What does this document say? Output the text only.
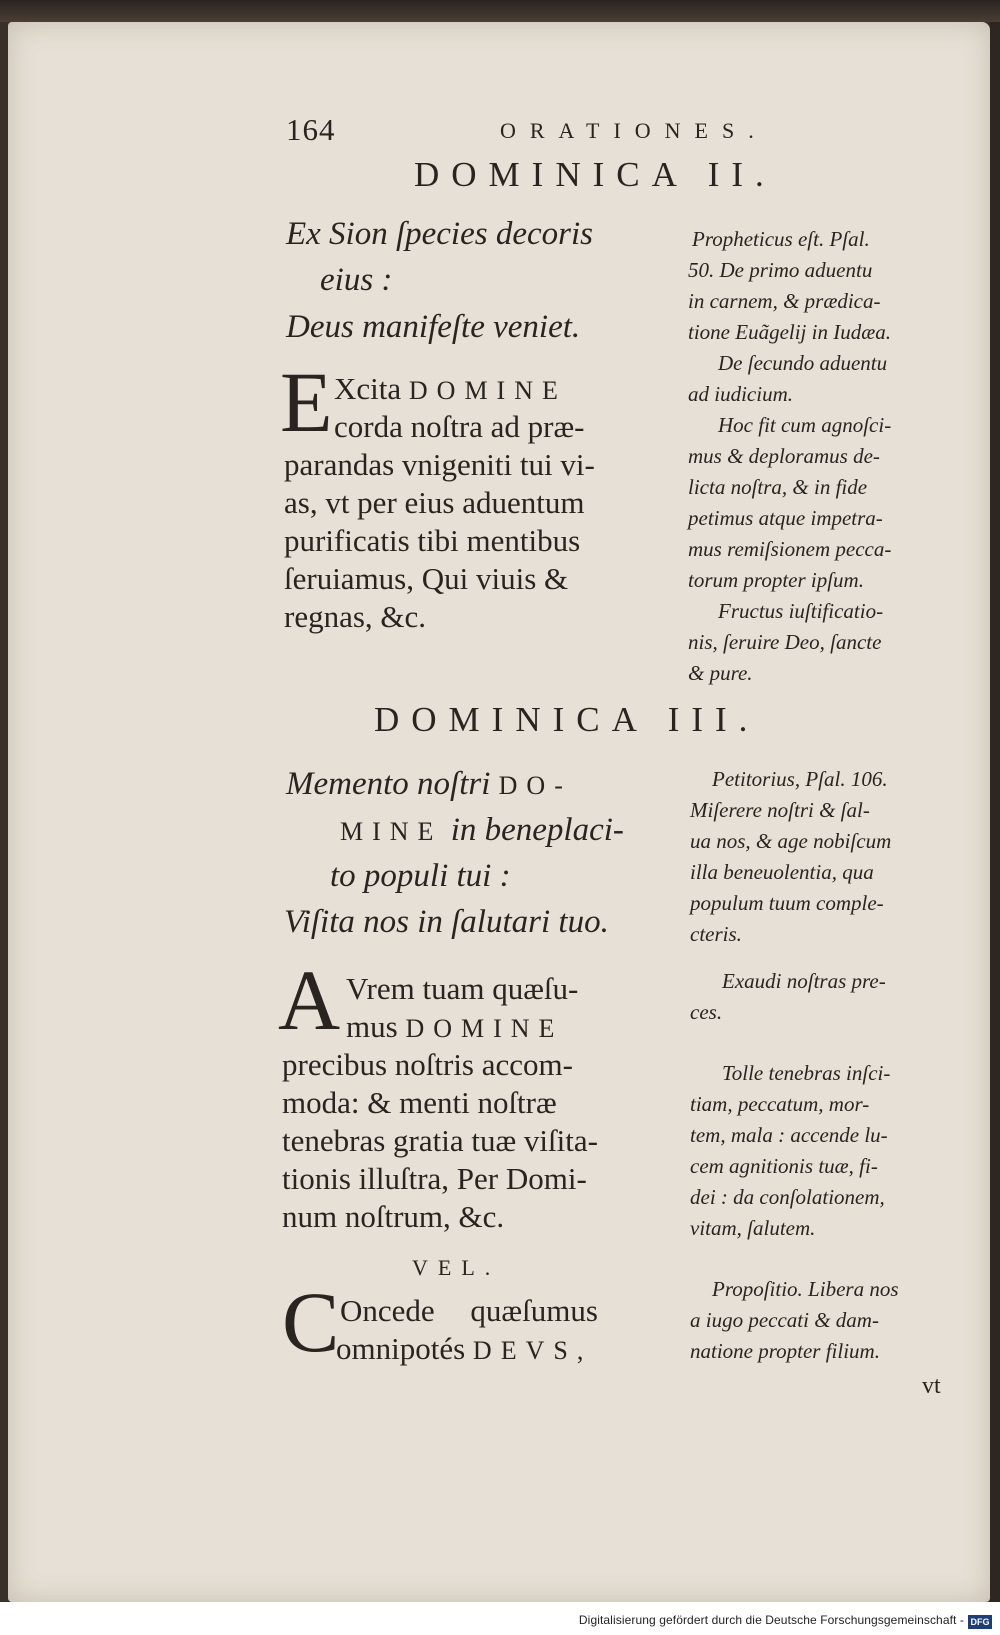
164	ORATIONES.
DOMINICA II.
Ex Sion ſpecies decoris
eius :
Deus manifeſte veniet.
E Xcita DOMINE
corda noſtra ad præ-
parandas vnigeniti tui vi-
as, vt per eius aduentum
purificatis tibi mentibus
ſeruiamus, Qui viuis &
regnas, &c.
Propheticus eſt. Pſal.
50. De primo aduentu
in carnem, & prædica-
tione Euãgelij in Iudæa.
De ſecundo aduentu
ad iudicium.
Hoc fit cum agnoſci-
mus & deploramus de-
licta noſtra, & in fide
petimus atque impetra-
mus remiſsionem pecca-
torum propter ipſum.
Fructus iuſtificatio-
nis, ſeruire Deo, ſancte
& pure.
DOMINICA III.
Memento noſtri DO-
MINE in beneplaci-
to populi tui :
Viſita nos in ſalutari tuo.
A Vrem tuam quæſu-
mus DOMINE
precibus noſtris accom-
moda: & menti noſtræ
tenebras gratia tuæ viſita-
tionis illuſtra, Per Domi-
num noſtrum, &c.
Petitorius, Pſal. 106.
Miſerere noſtri & ſal-
ua nos, & age nobiſcum
illa beneuolentia, qua
populum tuum comple-
cteris.
Exaudi noſtras pre-
ces.
Tolle tenebras inſci-
tiam, peccatum, mor-
tem, mala : accende lu-
cem agnitionis tuæ, fi-
dei : da conſolationem,
vitam, ſalutem.
VEL.
C Oncede quæſumus
omnipotés DEVS,
Propoſitio. Libera nos
a iugo peccati & dam-
natione propter filium.
vt
Digitalisierung gefördert durch die Deutsche Forschungsgemeinschaft - DFG
